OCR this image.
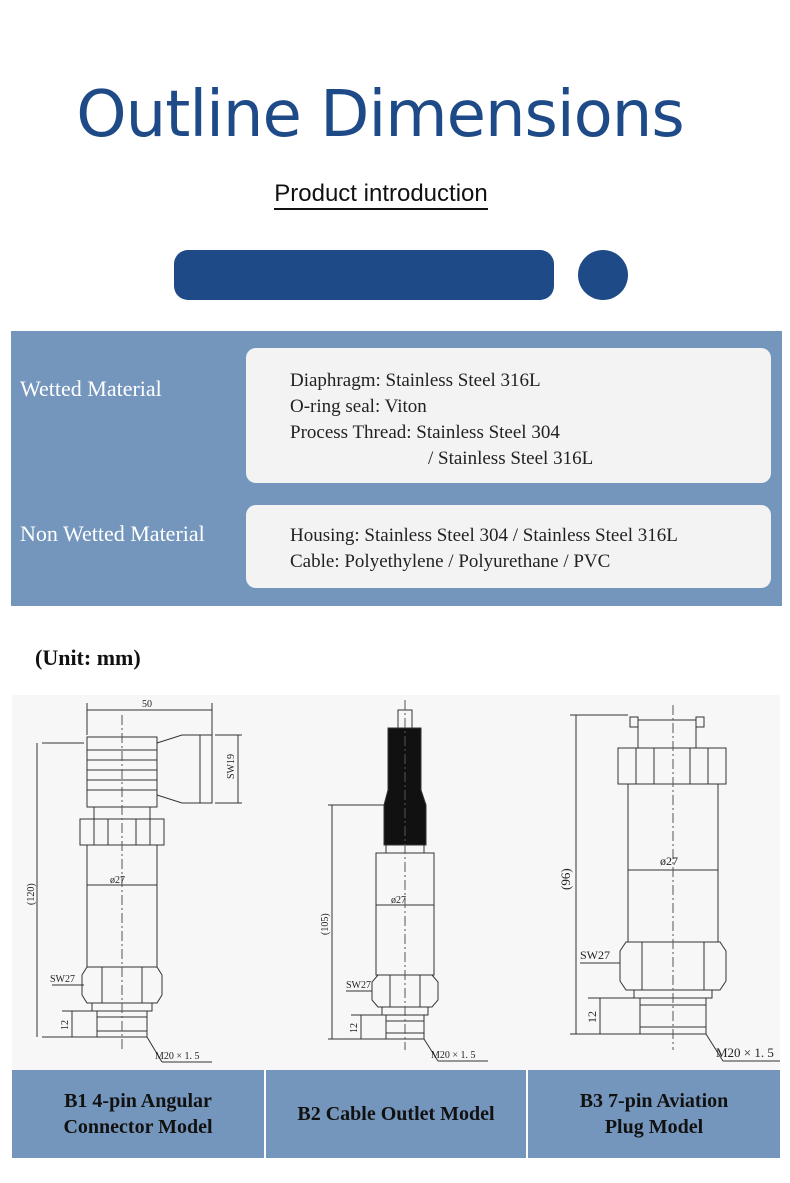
Outline Dimensions
Product introduction
Wetted Material	Diaphragm: Stainless Steel 316L
O-ring seal: Viton
Process Thread: Stainless Steel 304
/ Stainless Steel 316L
Non Wetted Material	Housing: Stainless Steel 304 / Stainless Steel 316L
Cable: Polyethylene / Polyurethane / PVC
(Unit: mm)
50
SW19
(120)
ø27
SW27
12
M20 × 1. 5
(105)
ø27
SW27
12
M20 × 1. 5
(96)
ø27
SW27
12
M20 × 1. 5
B1 4-pin Angular
Connector Model
B2 Cable Outlet Model
B3 7-pin Aviation
Plug Model
